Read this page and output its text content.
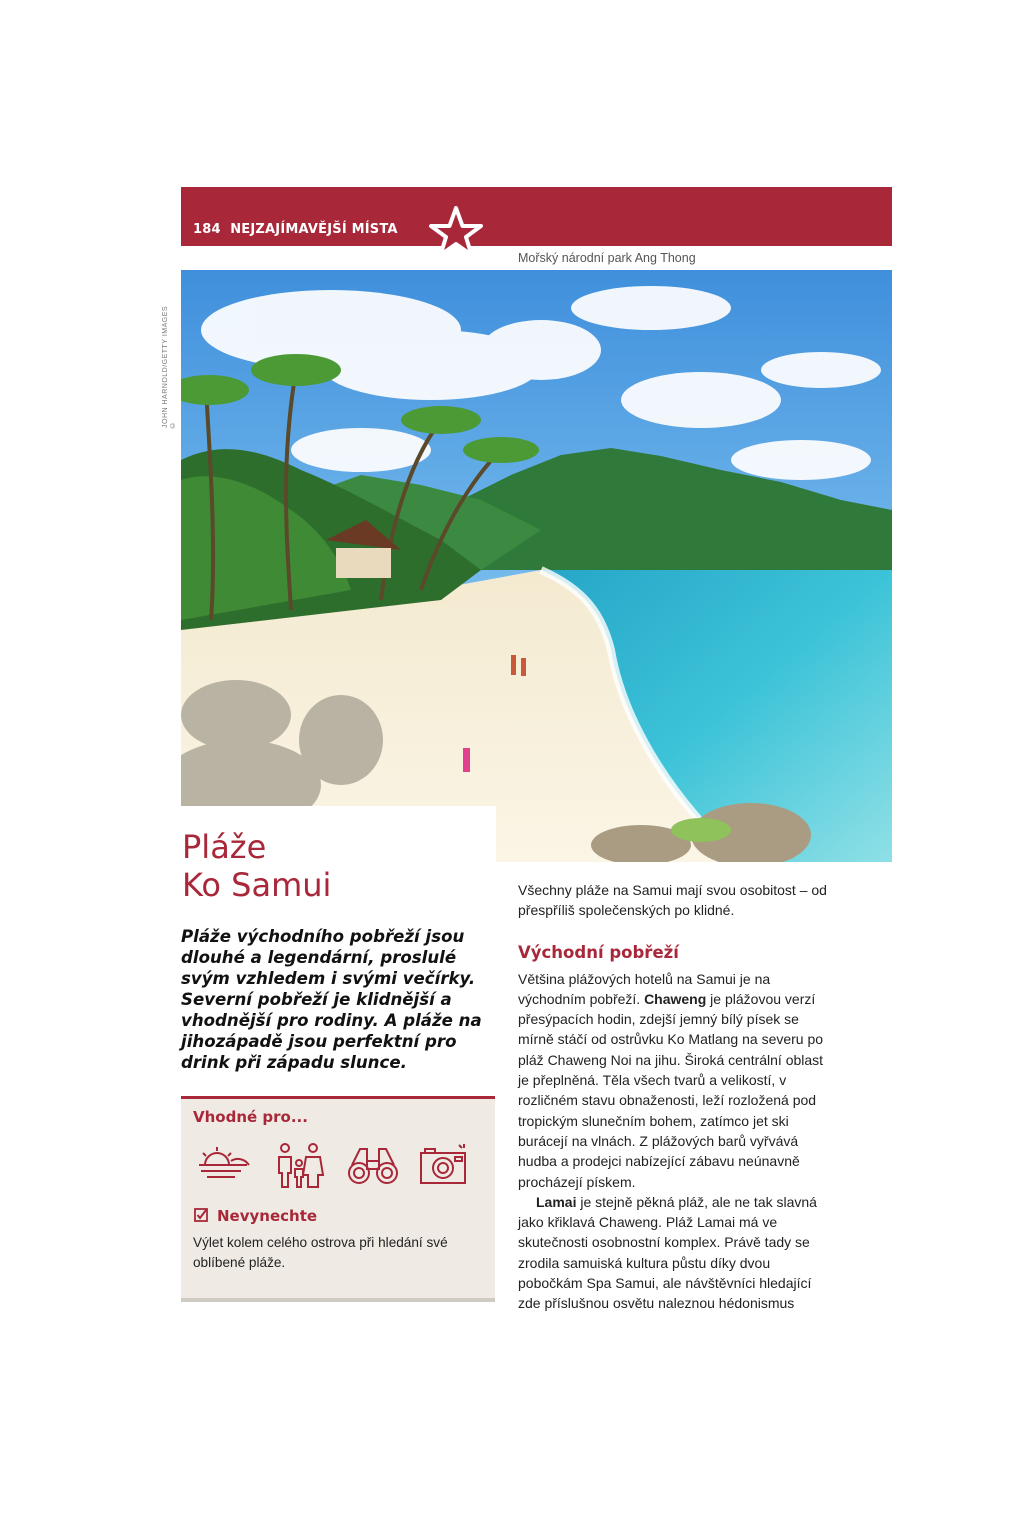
184 NEJZAJÍMAVĚJŠÍ MÍSTA
Mořský národní park Ang Thong
JOHN HARNOLD/GETTY IMAGES ©
Pláže
Ko Samui
Pláže východního pobřeží jsou dlouhé a legendární, proslulé svým vzhledem i svými večírky. Severní pobřeží je klidnější a vhodnější pro rodiny. A pláže na jihozápadě jsou perfektní pro drink při západu slunce.
Vhodné pro...
Nevynechte
Výlet kolem celého ostrova při hledání své oblíbené pláže.

Všechny pláže na Samui mají svou osobitost – od přespříliš společenských po klidné.

Východní pobřeží

Většina plážových hotelů na Samui je na východním pobřeží. Chaweng je plážovou verzí přesýpacích hodin, zdejší jemný bílý písek se mírně stáčí od ostrůvku Ko Matlang na severu po pláž Chaweng Noi na jihu. Široká centrální oblast je přeplněná. Těla všech tvarů a velikostí, v rozličném stavu obnaženosti, leží rozložená pod tropickým slunečním bohem, zatímco jet ski burácejí na vlnách. Z plážových barů vyřvává hudba a prodejci nabízející zábavu neúnavně procházejí pískem.

Lamai je stejně pěkná pláž, ale ne tak slavná jako křiklavá Chaweng. Pláž Lamai má ve skutečnosti osobnostní komplex. Právě tady se zrodila samuiská kultura půstu díky dvou pobočkám Spa Samui, ale návštěvníci hledající zde příslušnou osvětu naleznou hédonismus
